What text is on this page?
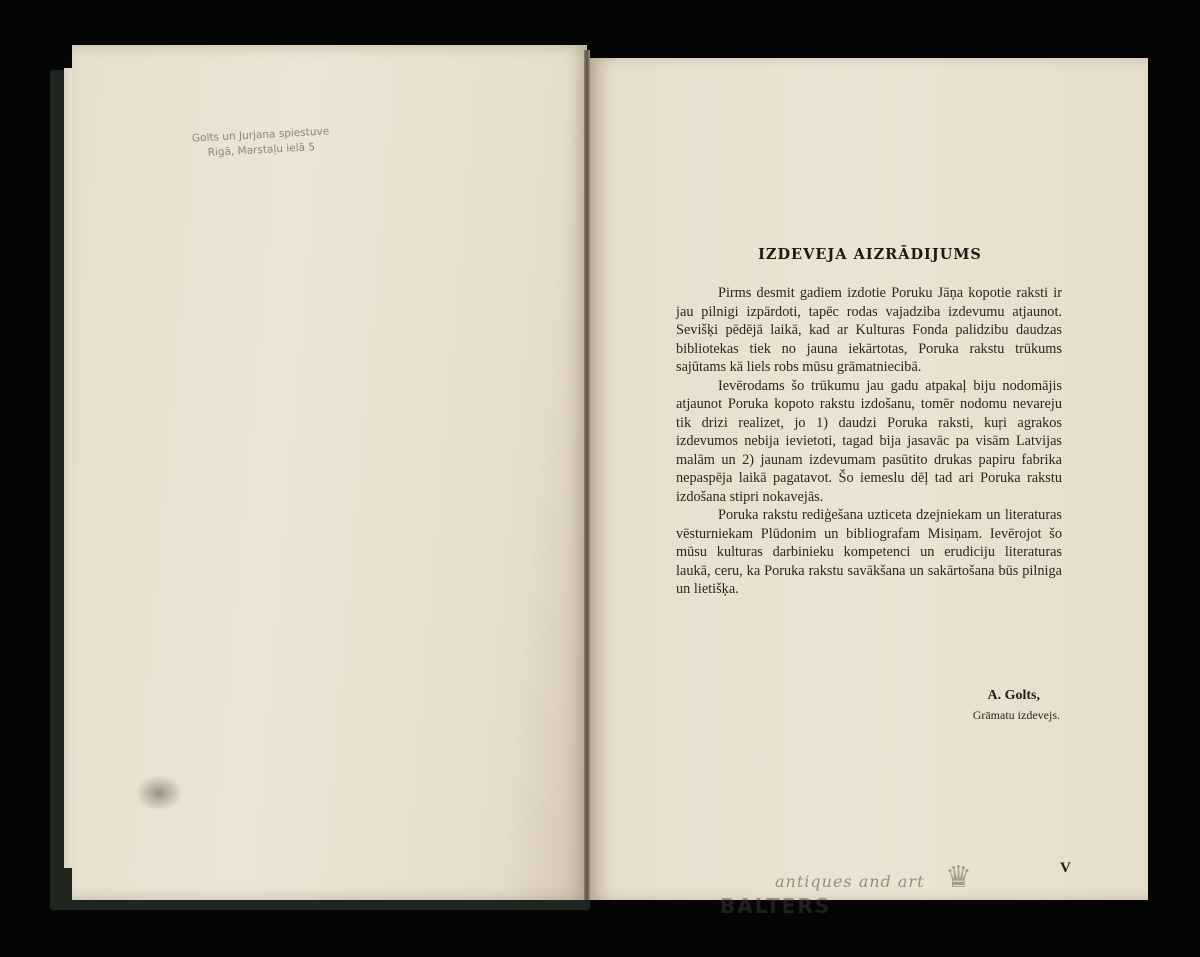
Golts un Jurjana spiestuve
Rigā, Marstaļu ielā 5
IZDEVEJA AIZRĀDIJUMS

Pirms desmit gadiem izdotie Poruku Jāņa kopotie raksti ir jau pilnigi izpārdoti, tapēc rodas vajadziba izdevumu atjaunot. Sevišķi pēdējā laikā, kad ar Kulturas Fonda palidzibu daudzas bibliotekas tiek no jauna iekārtotas, Poruka rakstu trūkums sajūtams kā liels robs mūsu grāmatniecibā.

Ievērodams šo trūkumu jau gadu atpakaļ biju nodomājis atjaunot Poruka kopoto rakstu izdošanu, tomēr nodomu nevareju tik drizi realizet, jo 1) daudzi Poruka raksti, kuŗi agrakos izdevumos nebija ievietoti, tagad bija jasavāc pa visām Latvijas malām un 2) jaunam izdevumam pasūtito drukas papiru fabrika nepaspēja laikā pagatavot. Šo iemeslu dēļ tad ari Poruka rakstu izdošana stipri nokavejās.

Poruka rakstu rediģešana uzticeta dzejniekam un literaturas vēsturniekam Plūdonim un bibliografam Misiņam. Ievērojot šo mūsu kulturas darbinieku kompetenci un erudiciju literaturas laukā, ceru, ka Poruka rakstu savākšana un sakārtošana būs pilniga un lietišķa.

A. Golts,
Grāmatu izdevejs.
V
antiques and art ♛
BALTERS
